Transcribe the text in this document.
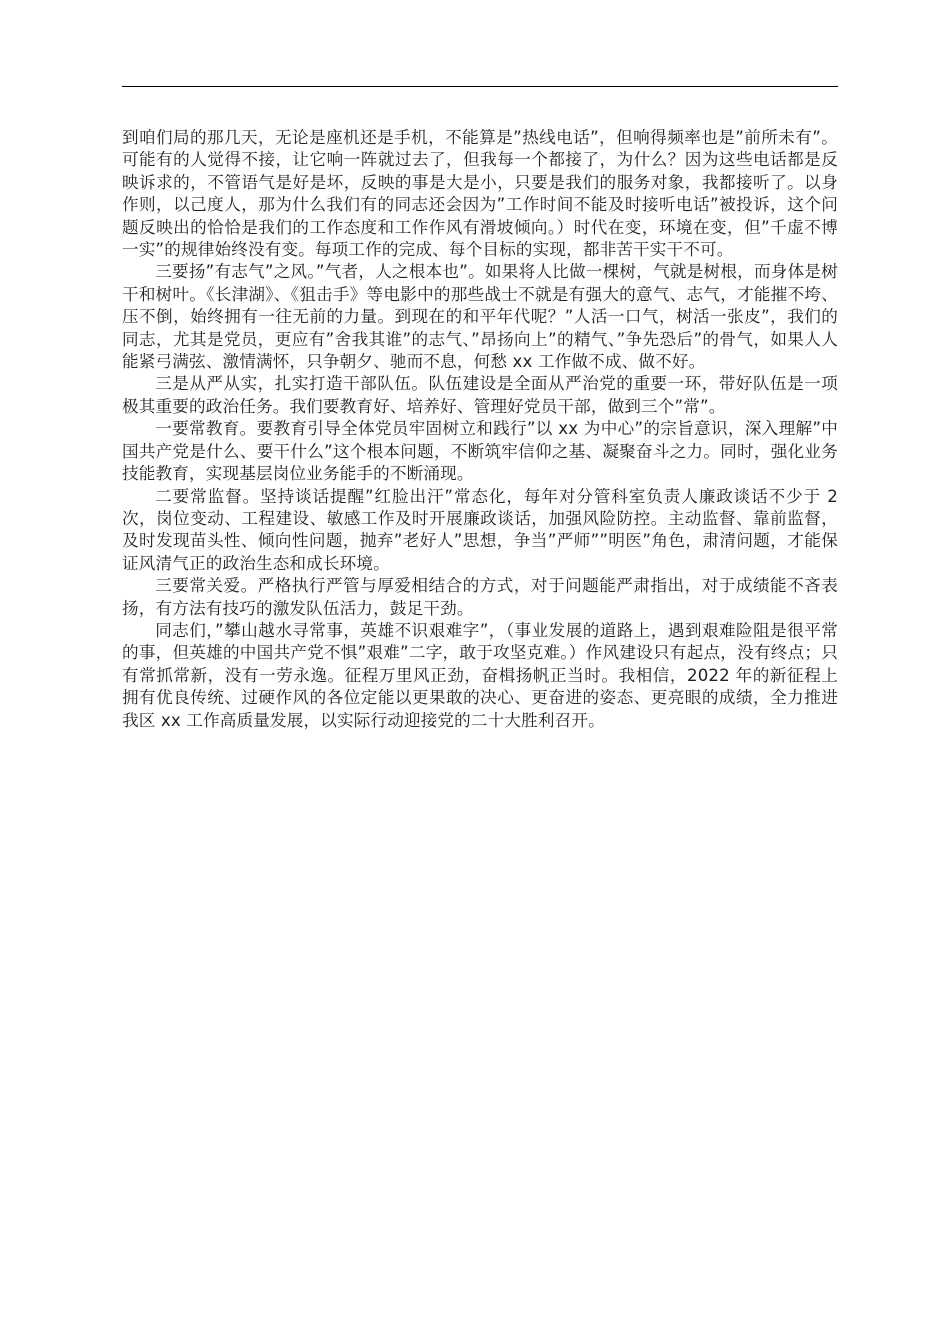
到咱们局的那几天，无论是座机还是手机，不能算是”热线电话”，但响得频率也是”前所未有”。可能有的人觉得不接，让它响一阵就过去了，但我每一个都接了，为什么？因为这些电话都是反映诉求的，不管语气是好是坏，反映的事是大是小，只要是我们的服务对象，我都接听了。以身作则，以己度人，那为什么我们有的同志还会因为”工作时间不能及时接听电话”被投诉，这个问题反映出的恰恰是我们的工作态度和工作作风有滑坡倾向。）时代在变，环境在变，但”千虚不博一实”的规律始终没有变。每项工作的完成、每个目标的实现，都非苦干实干不可。

三要扬”有志气”之风。”气者，人之根本也”。如果将人比做一棵树，气就是树根，而身体是树干和树叶。《长津湖》、《狙击手》等电影中的那些战士不就是有强大的意气、志气，才能摧不垮、压不倒，始终拥有一往无前的力量。到现在的和平年代呢？”人活一口气，树活一张皮”，我们的同志，尤其是党员，更应有”舍我其谁”的志气、”昂扬向上”的精气、”争先恐后”的骨气，如果人人能紧弓满弦、激情满怀，只争朝夕、驰而不息，何愁 xx 工作做不成、做不好。

三是从严从实，扎实打造干部队伍。队伍建设是全面从严治党的重要一环，带好队伍是一项极其重要的政治任务。我们要教育好、培养好、管理好党员干部，做到三个”常”。

一要常教育。要教育引导全体党员牢固树立和践行”以 xx 为中心”的宗旨意识，深入理解”中国共产党是什么、要干什么”这个根本问题，不断筑牢信仰之基、凝聚奋斗之力。同时，强化业务技能教育，实现基层岗位业务能手的不断涌现。

二要常监督。坚持谈话提醒”红脸出汗”常态化，每年对分管科室负责人廉政谈话不少于 2 次，岗位变动、工程建设、敏感工作及时开展廉政谈话，加强风险防控。主动监督、靠前监督，及时发现苗头性、倾向性问题，抛弃”老好人”思想，争当”严师””明医”角色，肃清问题，才能保证风清气正的政治生态和成长环境。

三要常关爱。严格执行严管与厚爱相结合的方式，对于问题能严肃指出，对于成绩能不吝表扬，有方法有技巧的激发队伍活力，鼓足干劲。

同志们，”攀山越水寻常事，英雄不识艰难字”，（事业发展的道路上，遇到艰难险阻是很平常的事，但英雄的中国共产党不惧”艰难”二字，敢于攻坚克难。）作风建设只有起点，没有终点；只有常抓常新，没有一劳永逸。征程万里风正劲，奋楫扬帆正当时。我相信，2022 年的新征程上拥有优良传统、过硬作风的各位定能以更果敢的决心、更奋进的姿态、更亮眼的成绩，全力推进我区 xx 工作高质量发展，以实际行动迎接党的二十大胜利召开。
